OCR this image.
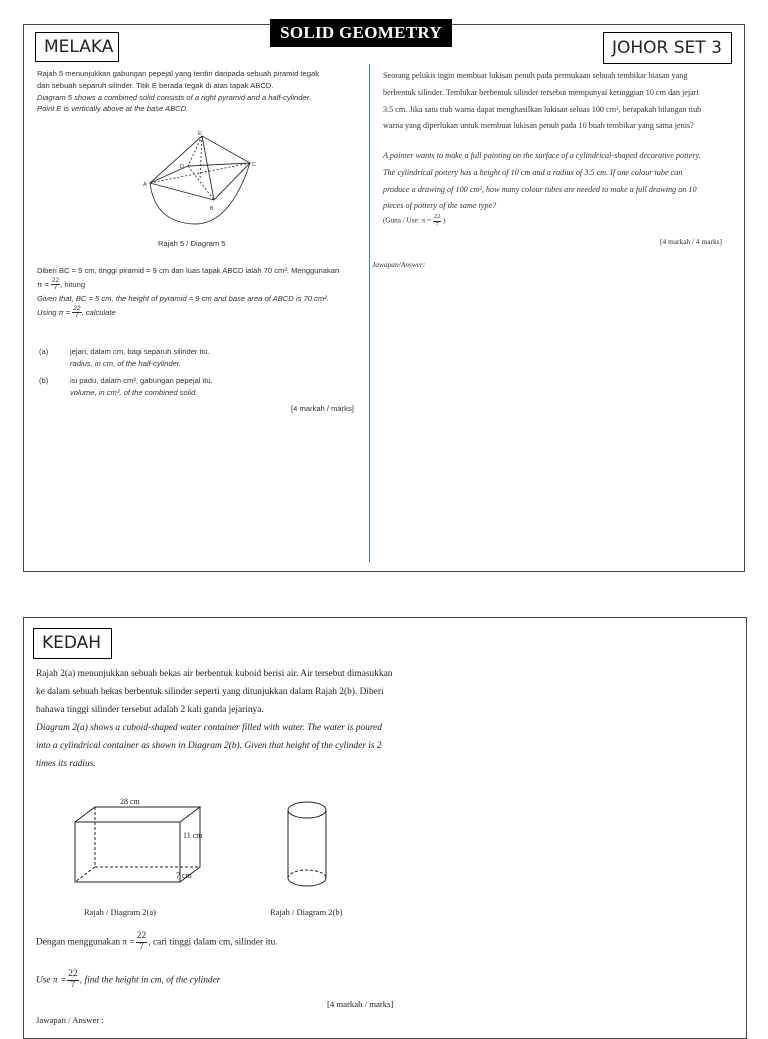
SOLID GEOMETRY
MELAKA	JOHOR SET 3
Rajah 5 menunjukkan gabungan pepejal yang terdiri daripada sebuah piramid tegak
dan sebuah separuh silinder. Titik E berada tegak di atas tapak ABCD.
Diagram 5 shows a combined solid consists of a right pyramid and a half-cylinder.
Point E is vertically above at the base ABCD.
E
D
A
C
B
Rajah 5 / Diagram 5
Diberi BC = 5 cm, tinggi piramid = 9 cm dan luas tapak ABCD ialah 70 cm². Menggunakan
$\pi = \frac{22}{7}$ , hitung
Given that, BC = 5 cm, the height of pyramid = 9 cm and base area of ABCD is 70 cm².
Using $\pi = \frac{22}{7}$ , calculate
(a)	jejari, dalam cm, bagi separuh silinder itu.
radius, in cm, of the half-cylinder.
(b)	isi padu, dalam cm³, gabungan pepejal itu.
volume, in cm³, of the combined solid.
[4 markah / marks]
Seorang pelukis ingin membuat lukisan penuh pada permukaan sebuah tembikar hiasan yang
berbentuk silinder. Tembikar berbentuk silinder tersebut mempunyai ketinggian 10 cm dan jejari
3.5 cm. Jika satu tiub warna dapat menghasilkan lukisan seluas 100 cm², berapakah bilangan tiub
warna yang diperlukan untuk membuat lukisan penuh pada 10 buah tembikar yang sama jenis?
A painter wants to make a full painting on the surface of a cylindrical-shaped decorative pottery.
The cylindrical pottery has a height of 10 cm and a radius of 3.5 cm. If one colour tube can
produce a drawing of 100 cm², how many colour tubes are needed to make a full drawing on 10
pieces of pottery of the same type?
(Guna / Use: $\pi = \frac{22}{7}$ )
[4 markah / 4 marks]
Jawapan/Answer:
KEDAH
Rajah 2(a) menunjukkan sebuah bekas air berbentuk kuboid berisi air. Air tersebut dimasukkan
ke dalam sebuah bekas berbentuk silinder seperti yang ditunjukkan dalam Rajah 2(b). Diberi
bahawa tinggi silinder tersebut adalah 2 kali ganda jejarinya.
Diagram 2(a) shows a cuboid-shaped water container filled with water. The water is poured
into a cylindrical container as shown in Diagram 2(b). Given that height of the cylinder is 2
times its radius.
28 cm
11 cm
7 cm
Rajah / Diagram 2(a)	Rajah / Diagram 2(b)
Dengan menggunakan $\pi = \frac{22}{7}$ , cari tinggi dalam cm, silinder itu.
Use $\pi = \frac{22}{7}$ , find the height in cm, of the cylinder
[4 markah / marks]
Jawapan / Answer :
